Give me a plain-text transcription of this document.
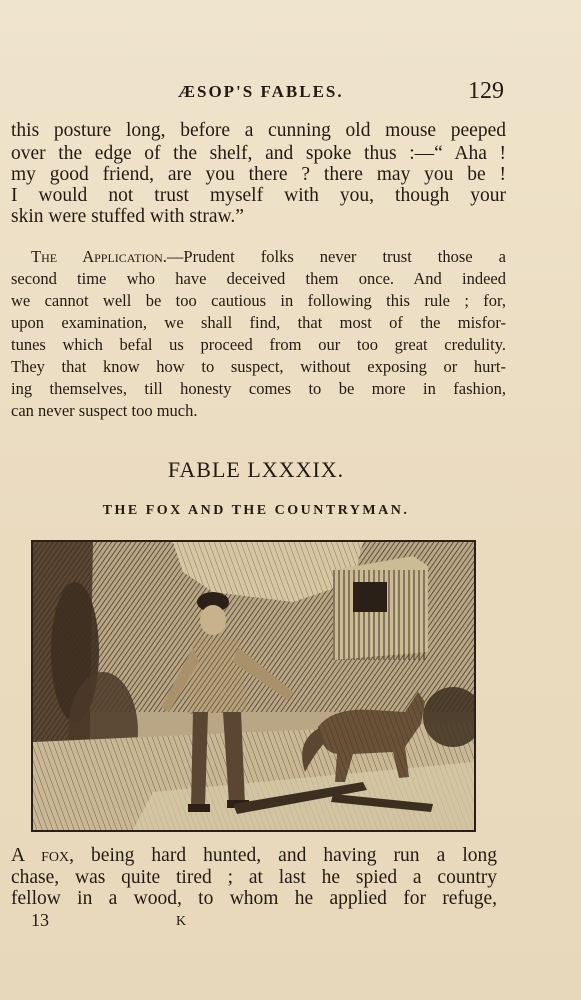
ÆSOP'S FABLES.	129
this posture long, before a cunning old mouse peeped
over the edge of the shelf, and spoke thus :—“ Aha !
my good friend, are you there ? there may you be !
I would not trust myself with you, though your
skin were stuffed with straw.”
The Application.—Prudent folks never trust those a
second time who have deceived them once. And indeed
we cannot well be too cautious in following this rule ; for,
upon examination, we shall find, that most of the misfor-
tunes which befal us proceed from our too great credulity.
They that know how to suspect, without exposing or hurt-
ing themselves, till honesty comes to be more in fashion,
can never suspect too much.
FABLE LXXXIX.
THE FOX AND THE COUNTRYMAN.
A fox, being hard hunted, and having run a long
chase, was quite tired ; at last he spied a country
fellow in a wood, to whom he applied for refuge,
13	K
